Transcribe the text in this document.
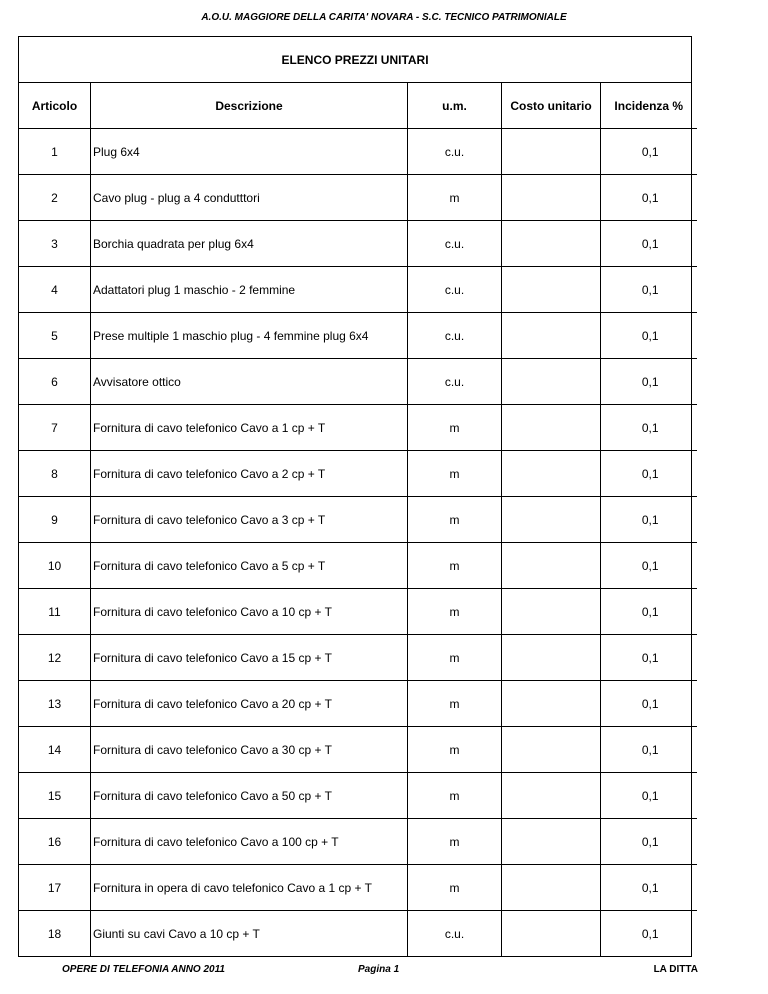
A.O.U. MAGGIORE DELLA CARITA' NOVARA - S.C. TECNICO PATRIMONIALE
ELENCO PREZZI UNITARI
Articolo	Descrizione	u.m.	Costo unitario	Incidenza %
1	Plug 6x4	c.u.		0,1
2	Cavo plug - plug a 4 condutttori	m		0,1
3	Borchia quadrata per plug 6x4	c.u.		0,1
4	Adattatori plug 1 maschio - 2 femmine	c.u.		0,1
5	Prese multiple 1 maschio plug - 4 femmine plug 6x4	c.u.		0,1
6	Avvisatore ottico	c.u.		0,1
7	Fornitura di cavo telefonico Cavo a 1 cp + T	m		0,1
8	Fornitura di cavo telefonico Cavo a 2 cp + T	m		0,1
9	Fornitura di cavo telefonico Cavo a 3 cp + T	m		0,1
10	Fornitura di cavo telefonico Cavo a 5 cp + T	m		0,1
11	Fornitura di cavo telefonico Cavo a 10 cp + T	m		0,1
12	Fornitura di cavo telefonico Cavo a 15 cp + T	m		0,1
13	Fornitura di cavo telefonico Cavo a 20 cp + T	m		0,1
14	Fornitura di cavo telefonico Cavo a 30 cp + T	m		0,1
15	Fornitura di cavo telefonico Cavo a 50 cp + T	m		0,1
16	Fornitura di cavo telefonico Cavo a 100 cp + T	m		0,1
17	Fornitura in opera di cavo telefonico Cavo a 1 cp + T	m		0,1
18	Giunti su cavi Cavo a 10 cp + T	c.u.		0,1
OPERE DI TELEFONIA ANNO 2011	Pagina 1	LA DITTA
